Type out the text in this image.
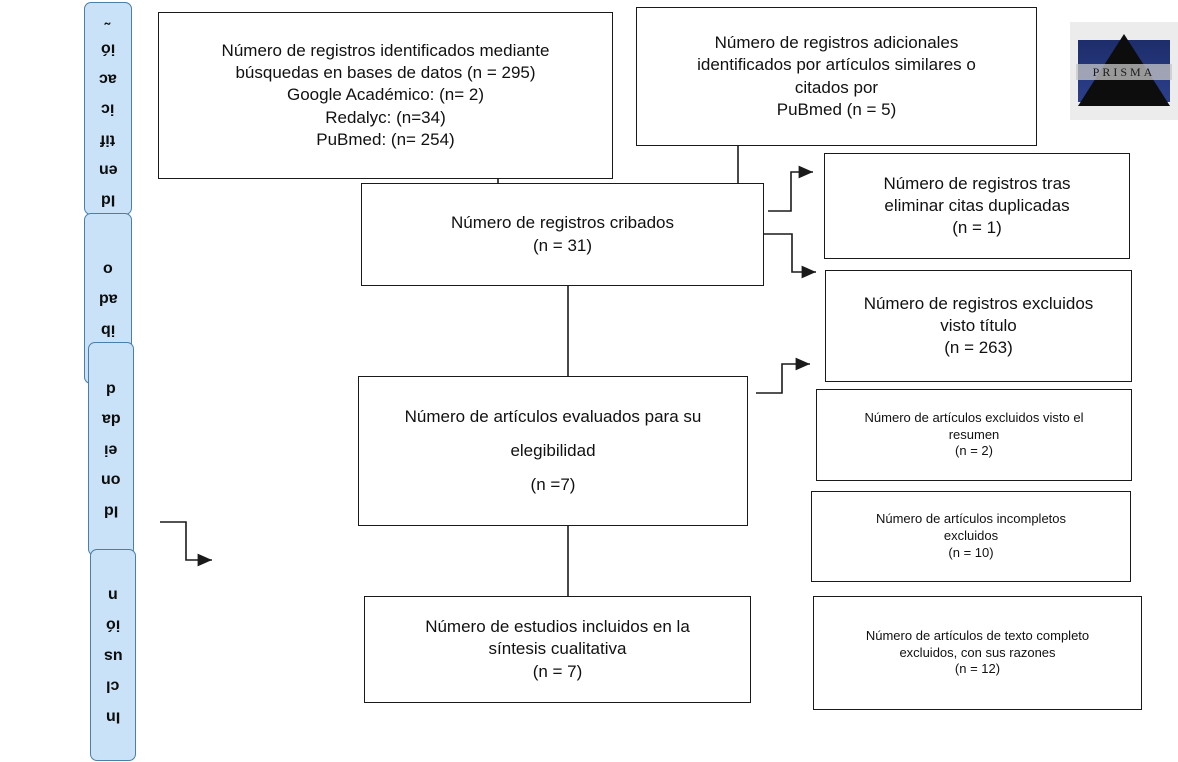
˜
ió
ac
ic
tif
en
Id
o
ad
ib
d
da
ei
on
Id
n
ió
us
cl
In
Número de registros identificados mediante
búsquedas en bases de datos (n = 295)
Google Académico: (n= 2)
Redalyc: (n=34)
PuBmed: (n= 254)
Número de registros adicionales
identificados por artículos similares o
citados por
PuBmed (n = 5)
Número de registros cribados
(n = 31)
Número de registros tras
eliminar citas duplicadas
(n = 1)
Número de registros excluidos
visto título
(n = 263)
Número de artículos evaluados para su
elegibilidad
(n =7)
Número de artículos excluidos visto el
resumen
(n = 2)
Número de artículos incompletos
excluidos
(n = 10)
Número de artículos de texto completo
excluidos, con sus razones
(n = 12)
Número de estudios incluidos en la
síntesis cualitativa
(n = 7)
PRISMA
